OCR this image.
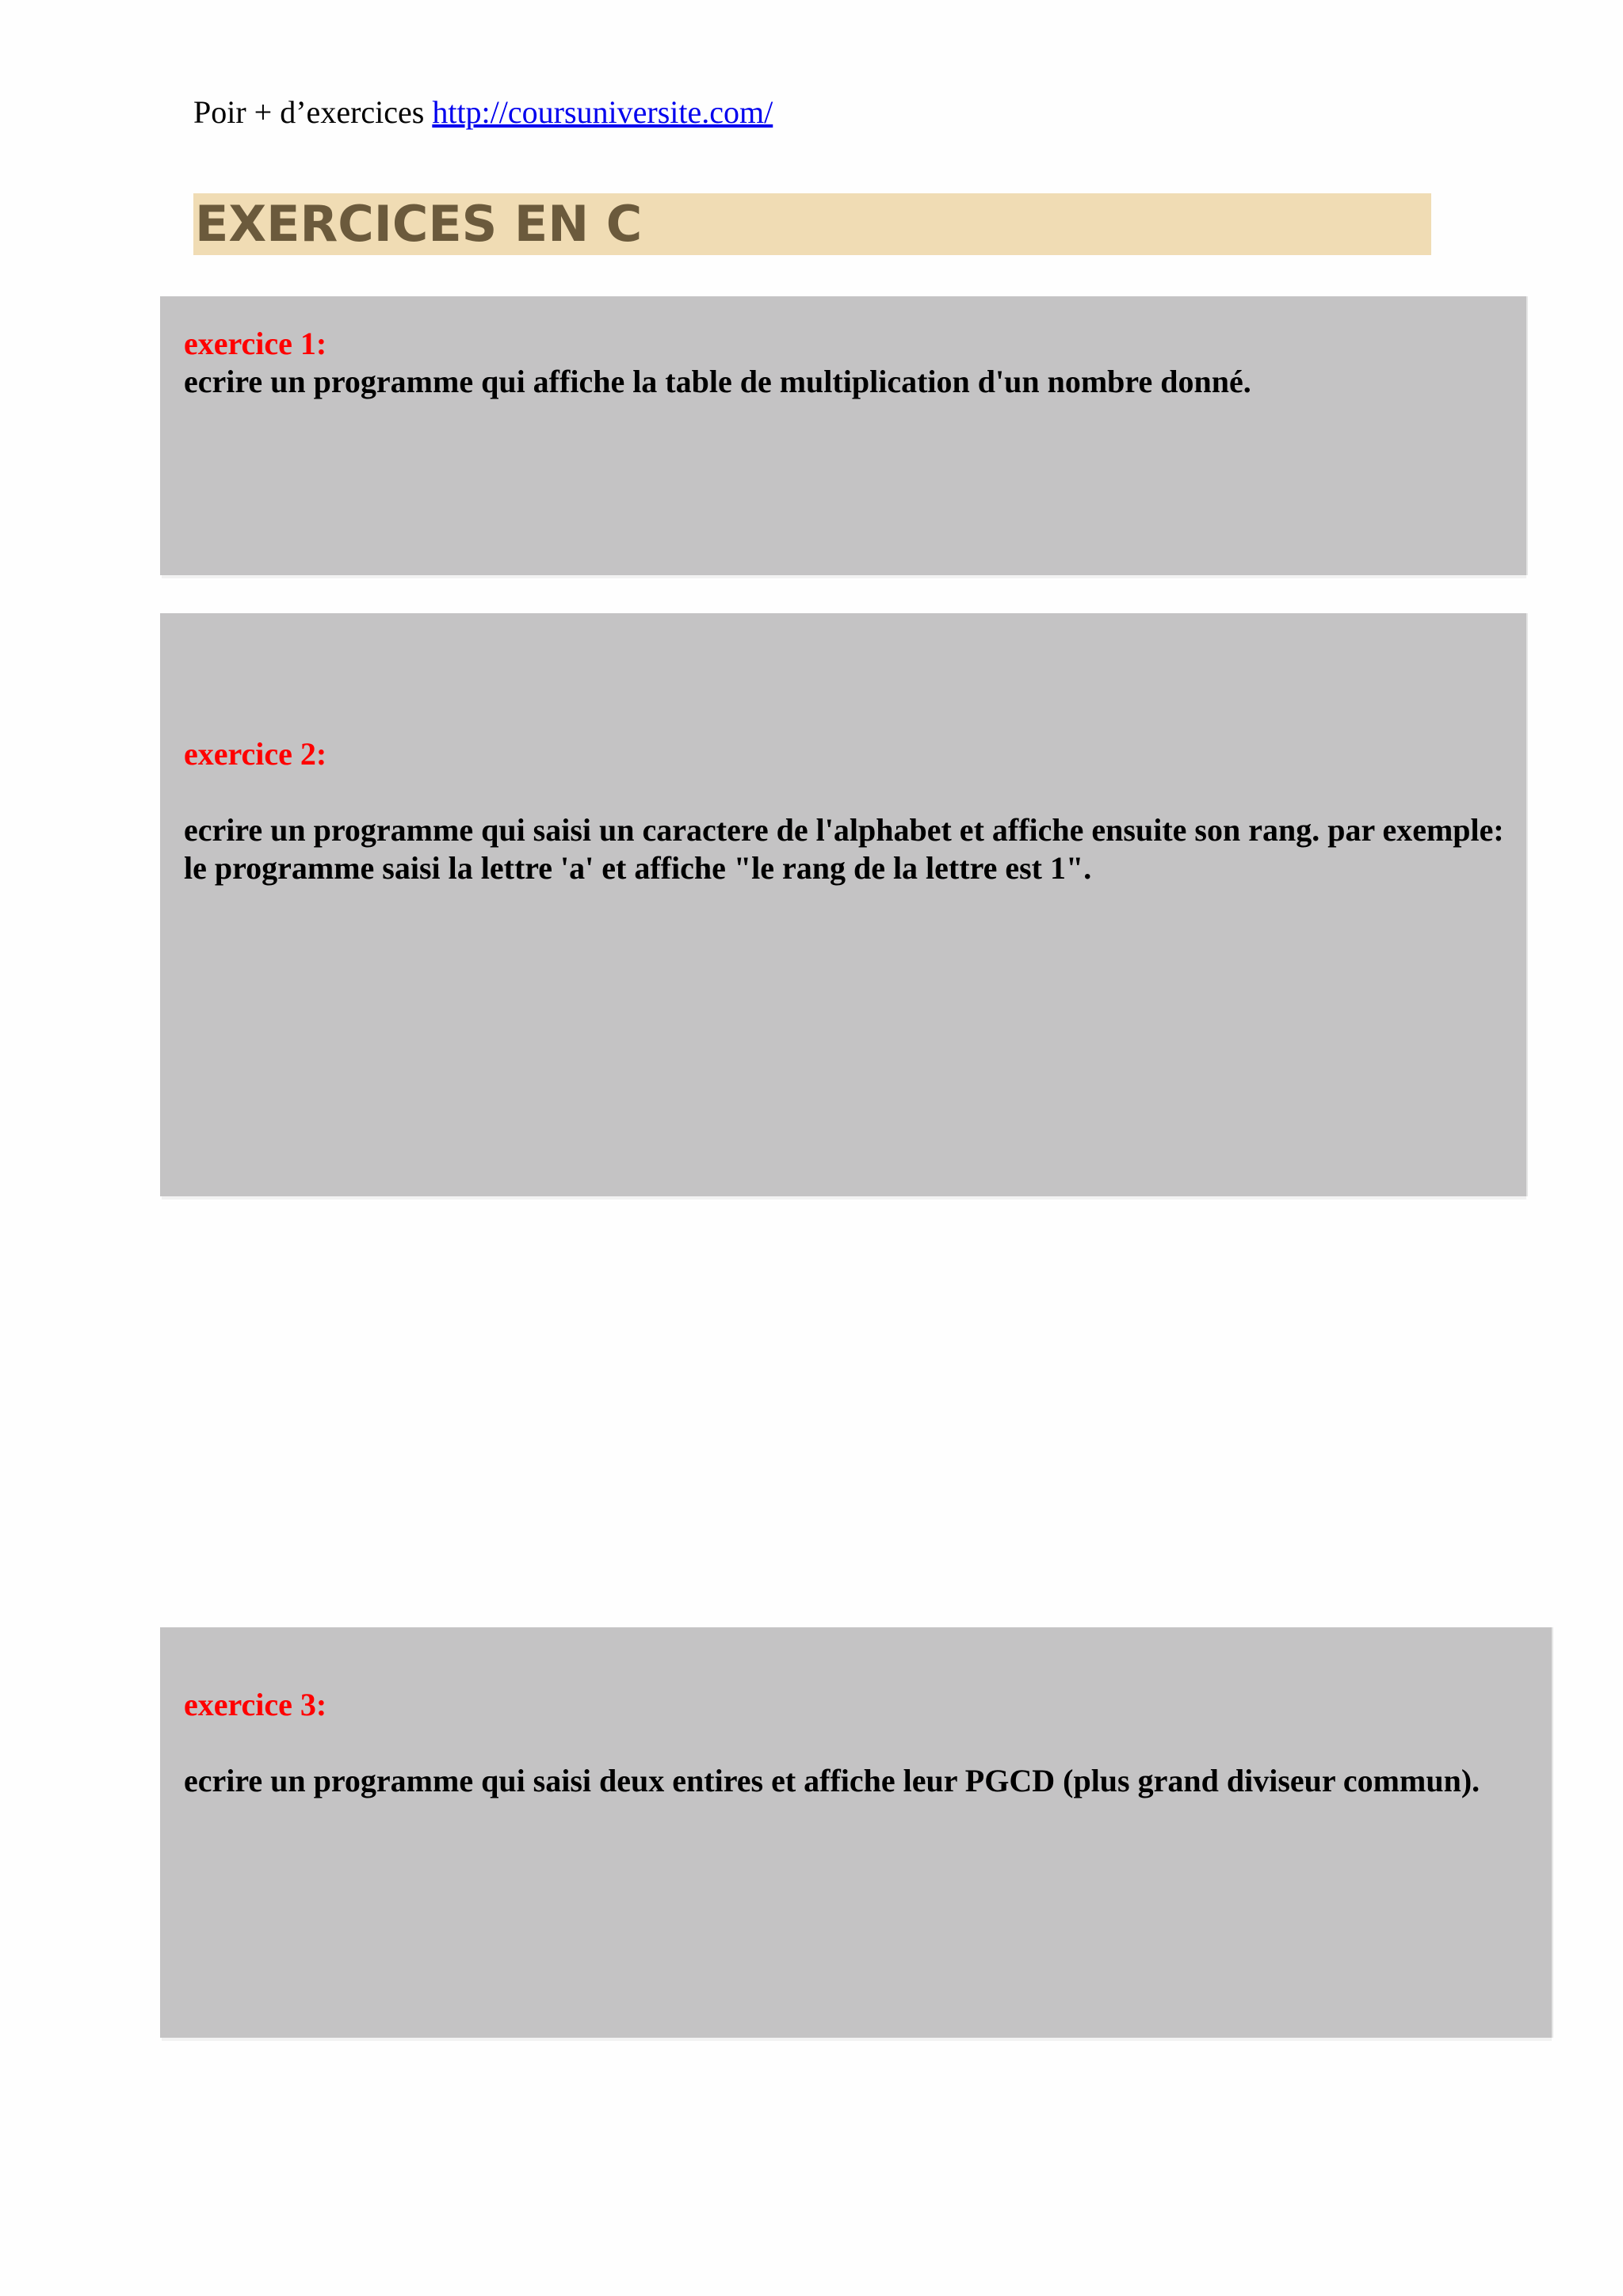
Poir + d’exercices http://coursuniversite.com/
EXERCICES EN C
exercice 1:
ecrire un programme qui affiche la table de multiplication d'un nombre donné.
exercice 2:
ecrire un programme qui saisi un caractere de l'alphabet et affiche ensuite son rang. par exemple: le programme saisi la lettre 'a' et affiche "le rang de la lettre est 1".
exercice 3:
ecrire un programme qui saisi deux entires et affiche leur PGCD (plus grand diviseur commun).
